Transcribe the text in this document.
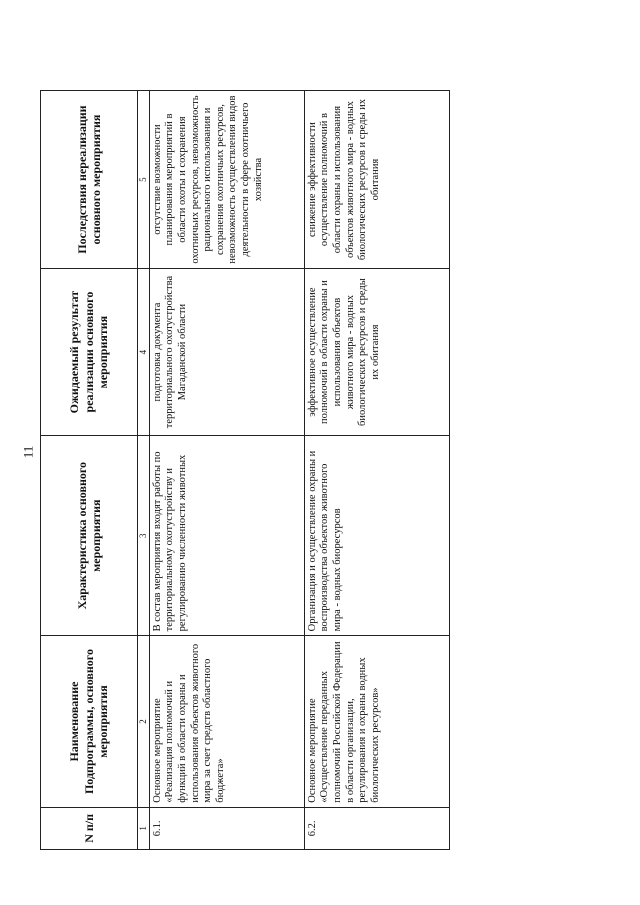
11
N п/п	Наименование Подпрограммы, основного мероприятия	Характеристика основного мероприятия	Ожидаемый результат реализации основного мероприятия	Последствия нереализации основного мероприятия
1	2	3	4	5
6.1.	Основное мероприятие «Реализация полномочий и функций в области охраны и использования объектов животного мира за счет средств областного бюджета»	В состав мероприятия входят работы по территориальному охотустройству и регулированию численности животных	подготовка документа территориального охотустройства Магаданской области	отсутствие возможности планирования мероприятий в области охоты и сохранения охотничьих ресурсов, невозможность рационального использования и сохранения охотничьих ресурсов, невозможность осуществления видов деятельности в сфере охотничьего хозяйства
6.2.	Основное мероприятие «Осуществление переданных полномочий Российской Федерации в области организации, регулирования и охраны водных биологических ресурсов»	Организация и осуществление охраны и воспроизводства объектов животного мира - водных биоресурсов	эффективное осуществление полномочий в области охраны и использования объектов животного мира - водных биологических ресурсов и среды их обитания	снижение эффективности осуществление полномочий в области охраны и использования объектов животного мира - водных биологических ресурсов и среды их обитания
